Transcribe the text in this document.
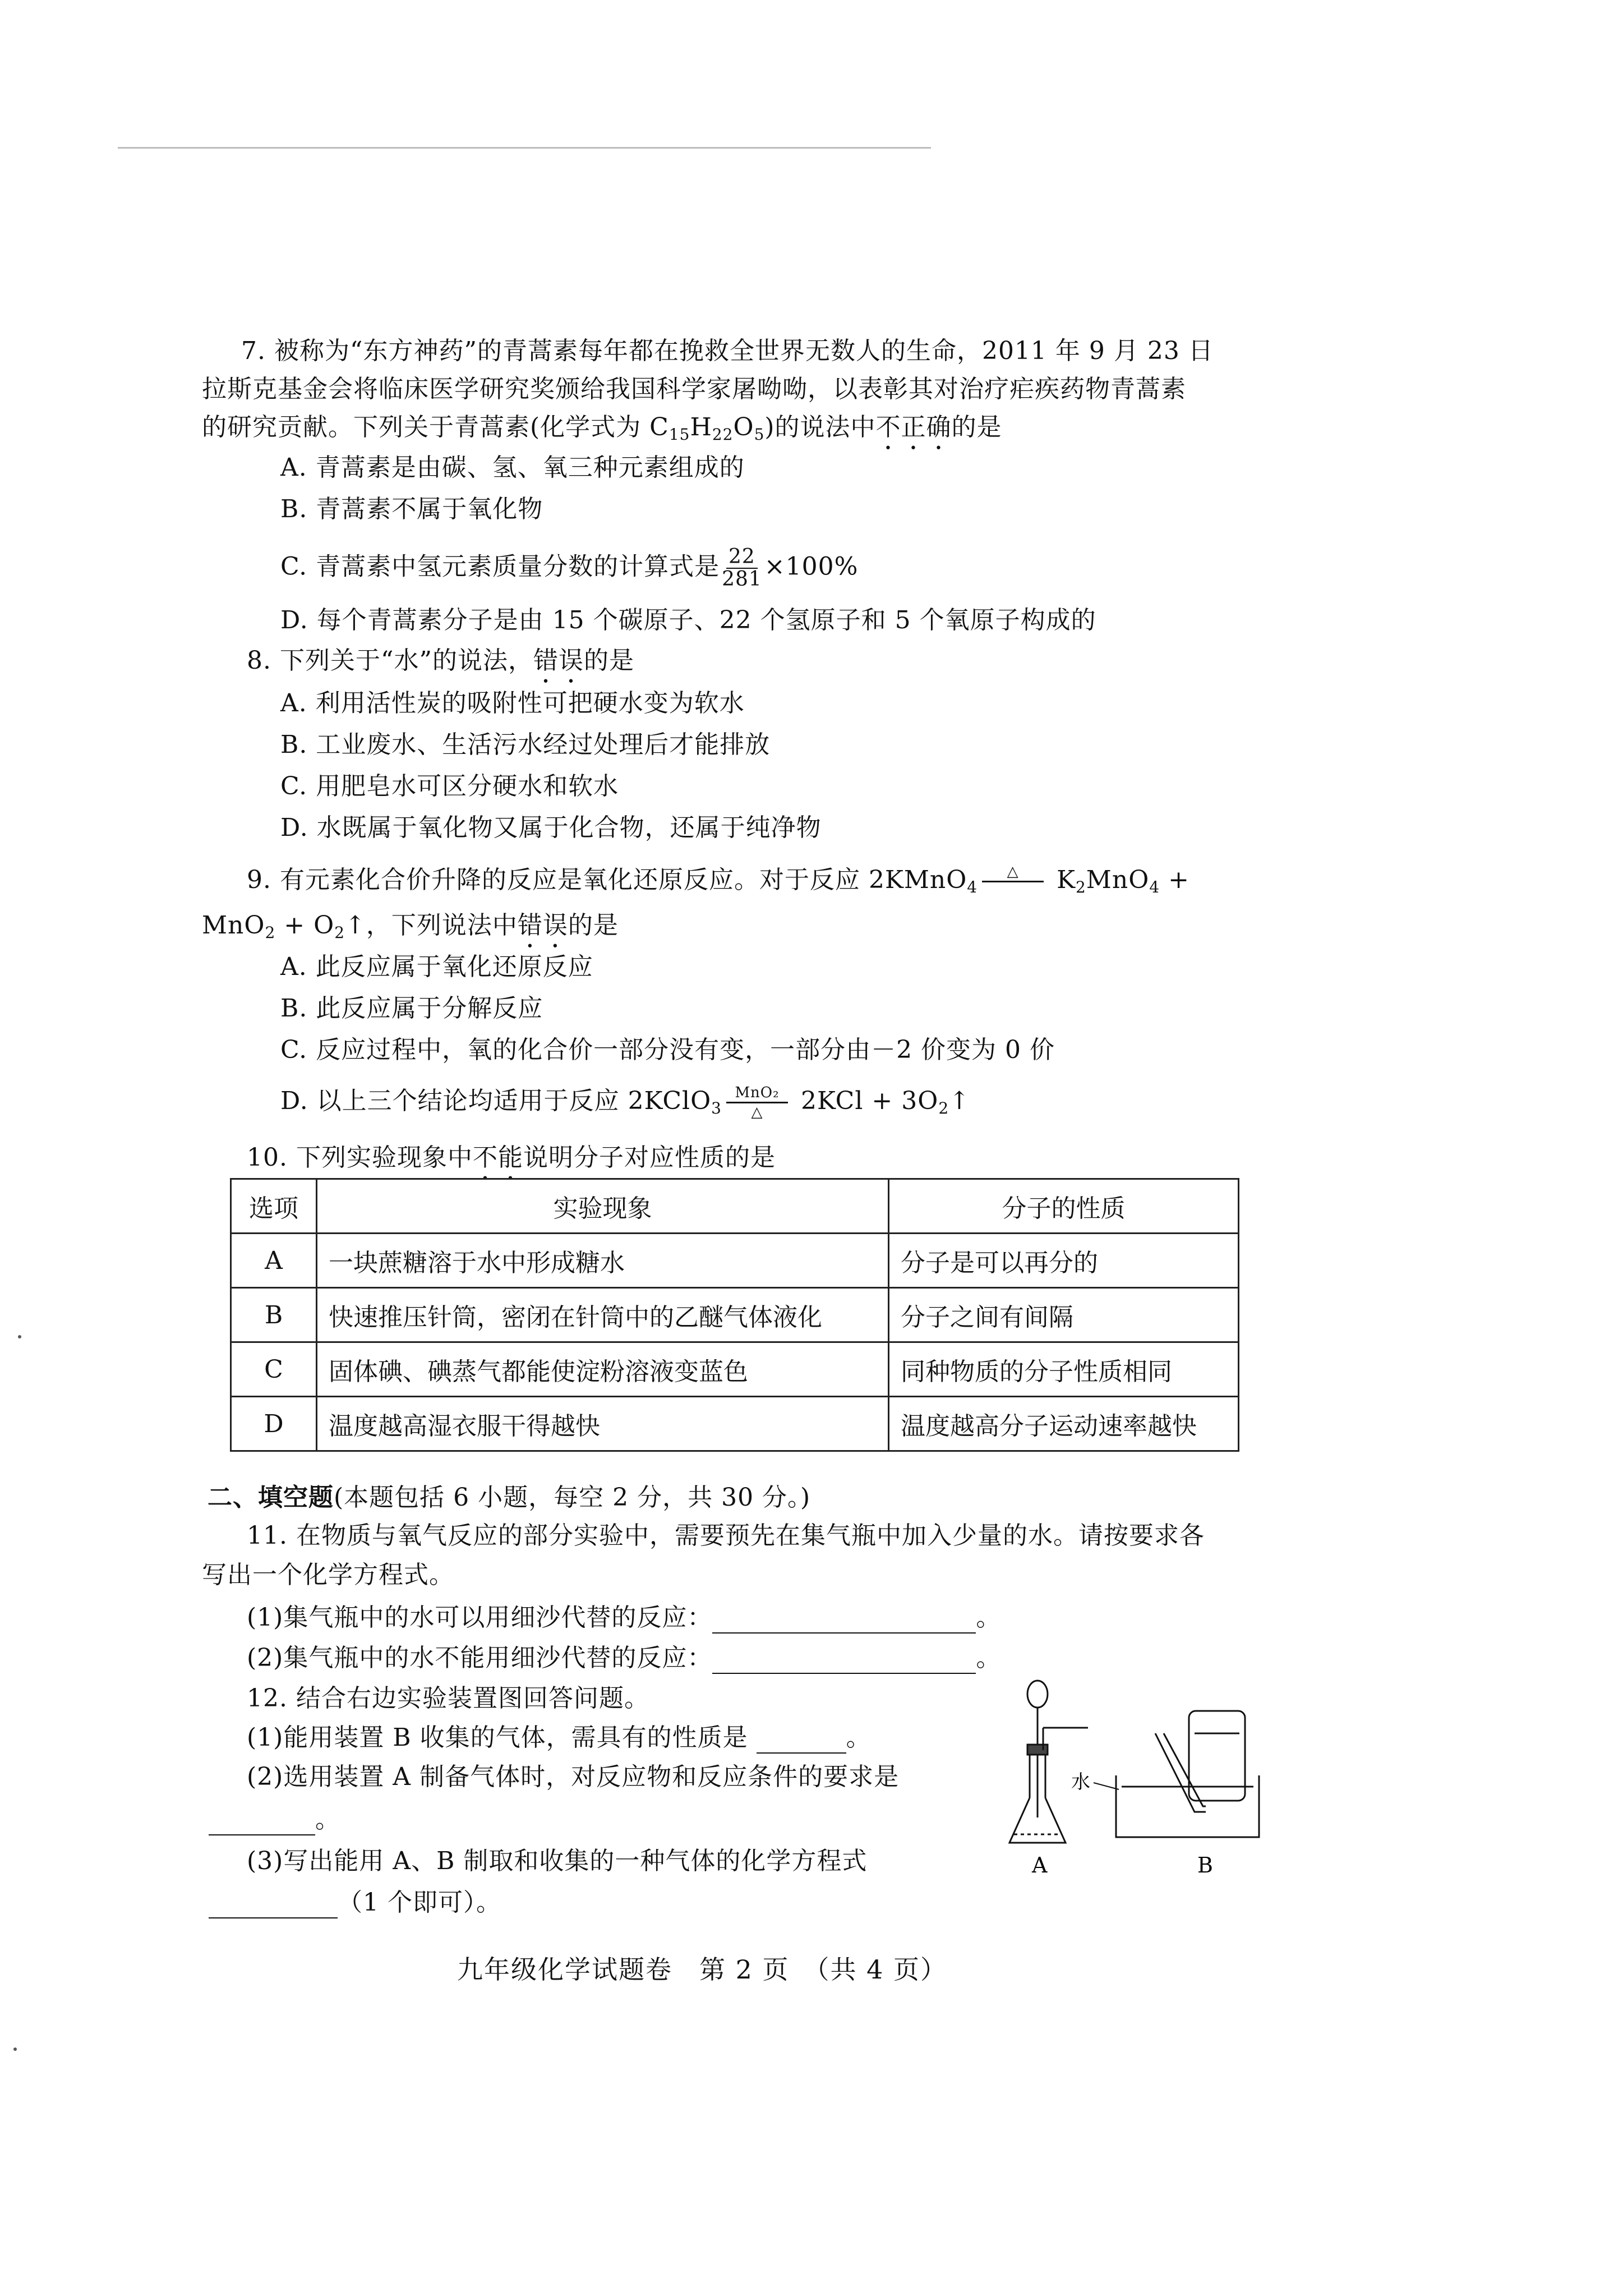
7. 被称为“东方神药”的青蒿素每年都在挽救全世界无数人的生命，2011 年 9 月 23 日
拉斯克基金会将临床医学研究奖颁给我国科学家屠呦呦，以表彰其对治疗疟疾药物青蒿素
的研究贡献。下列关于青蒿素(化学式为 $C_{15}H_{22}O_5$)的说法中不正确的是
A. 青蒿素是由碳、氢、氧三种元素组成的
B. 青蒿素不属于氧化物
C. 青蒿素中氢元素质量分数的计算式是 $\frac{22}{281} \times 100\%$
D. 每个青蒿素分子是由 15 个碳原子、22 个氢原子和 5 个氧原子构成的
8. 下列关于“水”的说法，错误的是
A. 利用活性炭的吸附性可把硬水变为软水
B. 工业废水、生活污水经过处理后才能排放
C. 用肥皂水可区分硬水和软水
D. 水既属于氧化物又属于化合物，还属于纯净物
9. 有元素化合价升降的反应是氧化还原反应。对于反应 2KMnO$_4$
△
$K_2MnO_4$ +
$MnO_2 + O_2↑$，下列说法中错误的是
A. 此反应属于氧化还原反应
B. 此反应属于分解反应
C. 反应过程中，氧的化合价一部分没有变，一部分由－2 价变为 0 价
D. 以上三个结论均适用于反应 2KClO$_3$
MnO₂
△ $2KCl + 3O_2↑$
10. 下列实验现象中不能说明分子对应性质的是
选项	实验现象	分子的性质
A	一块蔗糖溶于水中形成糖水	分子是可以再分的
B	快速推压针筒，密闭在针筒中的乙醚气体液化	分子之间有间隔
C	固体碘、碘蒸气都能使淀粉溶液变蓝色	同种物质的分子性质相同
D	温度越高湿衣服干得越快	温度越高分子运动速率越快
二、填空题(本题包括 6 小题，每空 2 分，共 30 分。)
11. 在物质与氧气反应的部分实验中，需要预先在集气瓶中加入少量的水。请按要求各
写出一个化学方程式。
(1)集气瓶中的水可以用细沙代替的反应：	。
(2)集气瓶中的水不能用细沙代替的反应：	。
12. 结合右边实验装置图回答问题。
(1)能用装置 B 收集的气体，需具有的性质是	。
(2)选用装置 A 制备气体时，对反应物和反应条件的要求是
。
(3)写出能用 A、B 制取和收集的一种气体的化学方程式
（1 个即可）。
水
A	B
九年级化学试题卷　第 2 页　（共 4 页）
